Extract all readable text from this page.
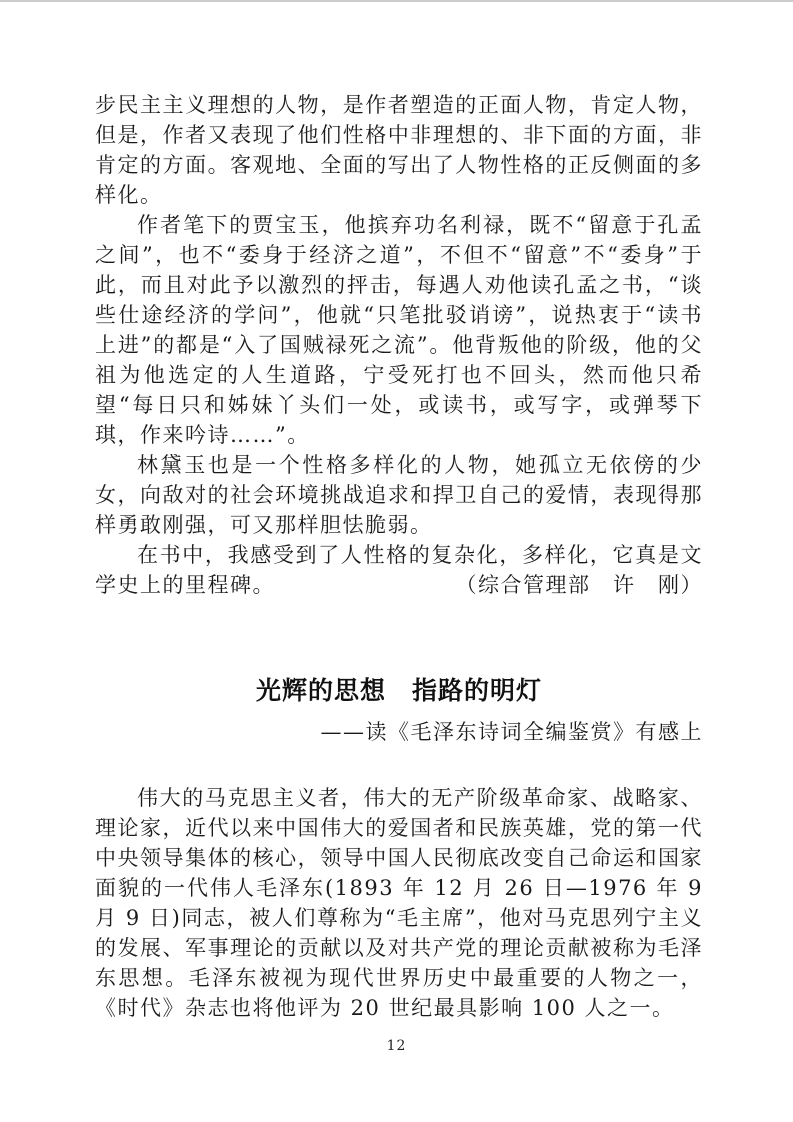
步民主主义理想的人物，是作者塑造的正面人物，肯定人物，但是，作者又表现了他们性格中非理想的、非下面的方面，非肯定的方面。客观地、全面的写出了人物性格的正反侧面的多样化。

作者笔下的贾宝玉，他摈弃功名利禄，既不“留意于孔孟之间”，也不“委身于经济之道”，不但不“留意”不“委身”于此，而且对此予以激烈的抨击，每遇人劝他读孔孟之书，“谈些仕途经济的学问”，他就“只笔批驳诮谤”，说热衷于“读书上进”的都是“入了国贼禄死之流”。他背叛他的阶级，他的父祖为他选定的人生道路，宁受死打也不回头，然而他只希望“每日只和姊妹丫头们一处，或读书，或写字，或弹琴下琪，作来吟诗……”。

林黛玉也是一个性格多样化的人物，她孤立无依傍的少女，向敌对的社会环境挑战追求和捍卫自己的爱情，表现得那样勇敢刚强，可又那样胆怯脆弱。

在书中，我感受到了人性格的复杂化，多样化，它真是文学史上的里程碑。	（综合管理部　许　刚）

光辉的思想　指路的明灯
——读《毛泽东诗词全编鉴赏》有感上

伟大的马克思主义者，伟大的无产阶级革命家、战略家、理论家，近代以来中国伟大的爱国者和民族英雄，党的第一代中央领导集体的核心，领导中国人民彻底改变自己命运和国家面貌的一代伟人毛泽东(1893 年 12 月 26 日—1976 年 9 月 9 日)同志，被人们尊称为“毛主席”，他对马克思列宁主义的发展、军事理论的贡献以及对共产党的理论贡献被称为毛泽东思想。毛泽东被视为现代世界历史中最重要的人物之一，《时代》杂志也将他评为 20 世纪最具影响 100 人之一。

12
